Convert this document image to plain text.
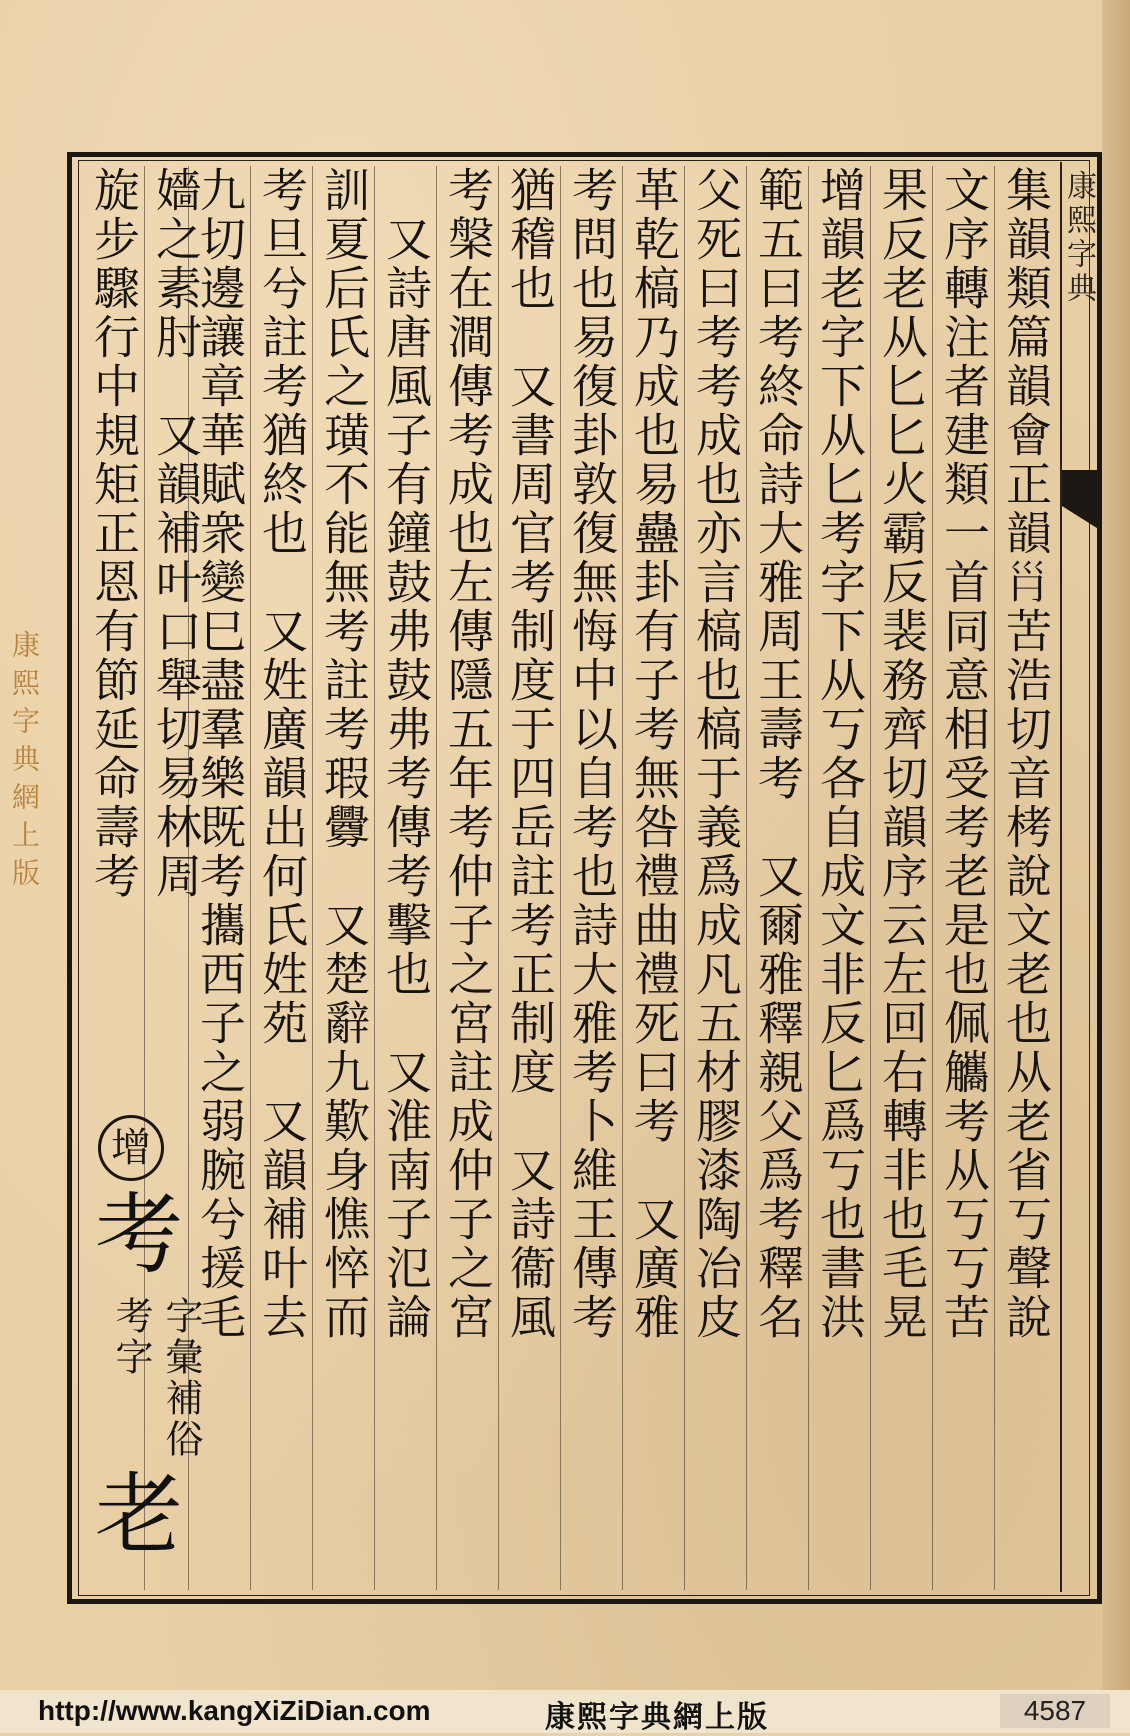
康熙字典網上版
康熙字典
集韻類篇韻會正韻𡿩苦浩切音栲說文老也从老省丂聲說
文序轉注者建類一首同意相受考老是也佩觿考从丂丂苦
果反老从匕匕火霸反裴務齊切韻序云左回右轉非也毛晃
增韻老字下从匕考字下从丂各自成文非反匕爲丂也書洪
範五曰考終命詩大雅周王壽考　又爾雅釋親父爲考釋名
父死曰考考成也亦言槁也槁于義爲成凡五材膠漆陶冶皮
革乾槁乃成也易蠱卦有子考無咎禮曲禮死曰考　又廣雅
考問也易復卦敦復無悔中以自考也詩大雅考卜維王傳考
猶稽也　又書周官考制度于四岳註考正制度　又詩衞風
考槃在澗傳考成也左傳隱五年考仲子之宮註成仲子之宮
　又詩唐風子有鐘鼓弗鼓弗考傳考擊也　又淮南子氾論
訓夏后氏之璜不能無考註考瑕釁　又楚辭九歎身憔悴而
考旦兮註考猶終也　又姓廣韻出何氏姓苑　又韻補叶去
九切邊讓章華賦衆變巳盡羣樂既考攜西子之弱腕兮援毛
嬙之素肘　又韻補叶口舉切易林周
旋步驟行中規矩正恩有節延命壽考
字彙補俗考字
增
考
老
http://www.kangXiZiDian.com	康熙字典網上版	4587
